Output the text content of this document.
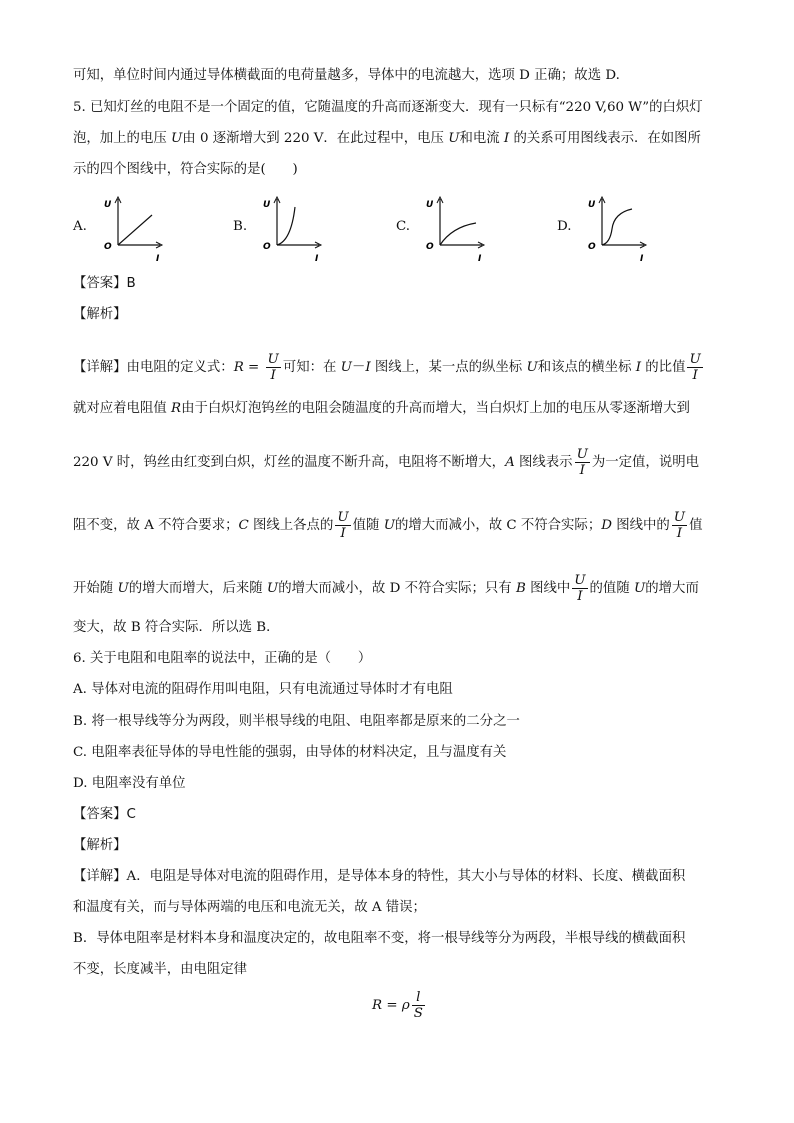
可知，单位时间内通过导体横截面的电荷量越多，导体中的电流越大，选项 D 正确；故选 D.
5. 已知灯丝的电阻不是一个固定的值，它随温度的升高而逐渐变大．现有一只标有“220 V,60 W”的白炽灯
泡，加上的电压 U由 0 逐渐增大到 220 V．在此过程中，电压 U和电流 I 的关系可用图线表示．在如图所
示的四个图线中，符合实际的是(　　)
A.	B.	C.	D.
U
O
I
U
O
I
U
O
I
U
O
I
【答案】B
【解析】
【详解】由电阻的定义式：$R = \frac{U}{I}$ 可知：在 U－I 图线上，某一点的纵坐标 U和该点的横坐标 I 的比值 $\frac{U}{I}$
就对应着电阻值 R由于白炽灯泡钨丝的电阻会随温度的升高而增大，当白炽灯上加的电压从零逐渐增大到
220 V 时，钨丝由红变到白炽，灯丝的温度不断升高，电阻将不断增大，A 图线表示 $\frac{U}{I}$ 为一定值，说明电
阻不变，故 A 不符合要求；C 图线上各点的 $\frac{U}{I}$ 值随 U的增大而减小，故 C 不符合实际；D 图线中的 $\frac{U}{I}$ 值
开始随 U的增大而增大，后来随 U的增大而减小，故 D 不符合实际；只有 B 图线中 $\frac{U}{I}$ 的值随 U的增大而
变大，故 B 符合实际．所以选 B．
6. 关于电阻和电阻率的说法中，正确的是（　　）
A. 导体对电流的阻碍作用叫电阻，只有电流通过导体时才有电阻
B. 将一根导线等分为两段，则半根导线的电阻、电阻率都是原来的二分之一
C. 电阻率表征导体的导电性能的强弱，由导体的材料决定，且与温度有关
D. 电阻率没有单位
【答案】C
【解析】
【详解】A．电阻是导体对电流的阻碍作用，是导体本身的特性，其大小与导体的材料、长度、横截面积
和温度有关，而与导体两端的电压和电流无关，故 A 错误；
B．导体电阻率是材料本身和温度决定的，故电阻率不变，将一根导线等分为两段，半根导线的横截面积
不变，长度减半，由电阻定律
R = ρ $\frac{l}{S}$
